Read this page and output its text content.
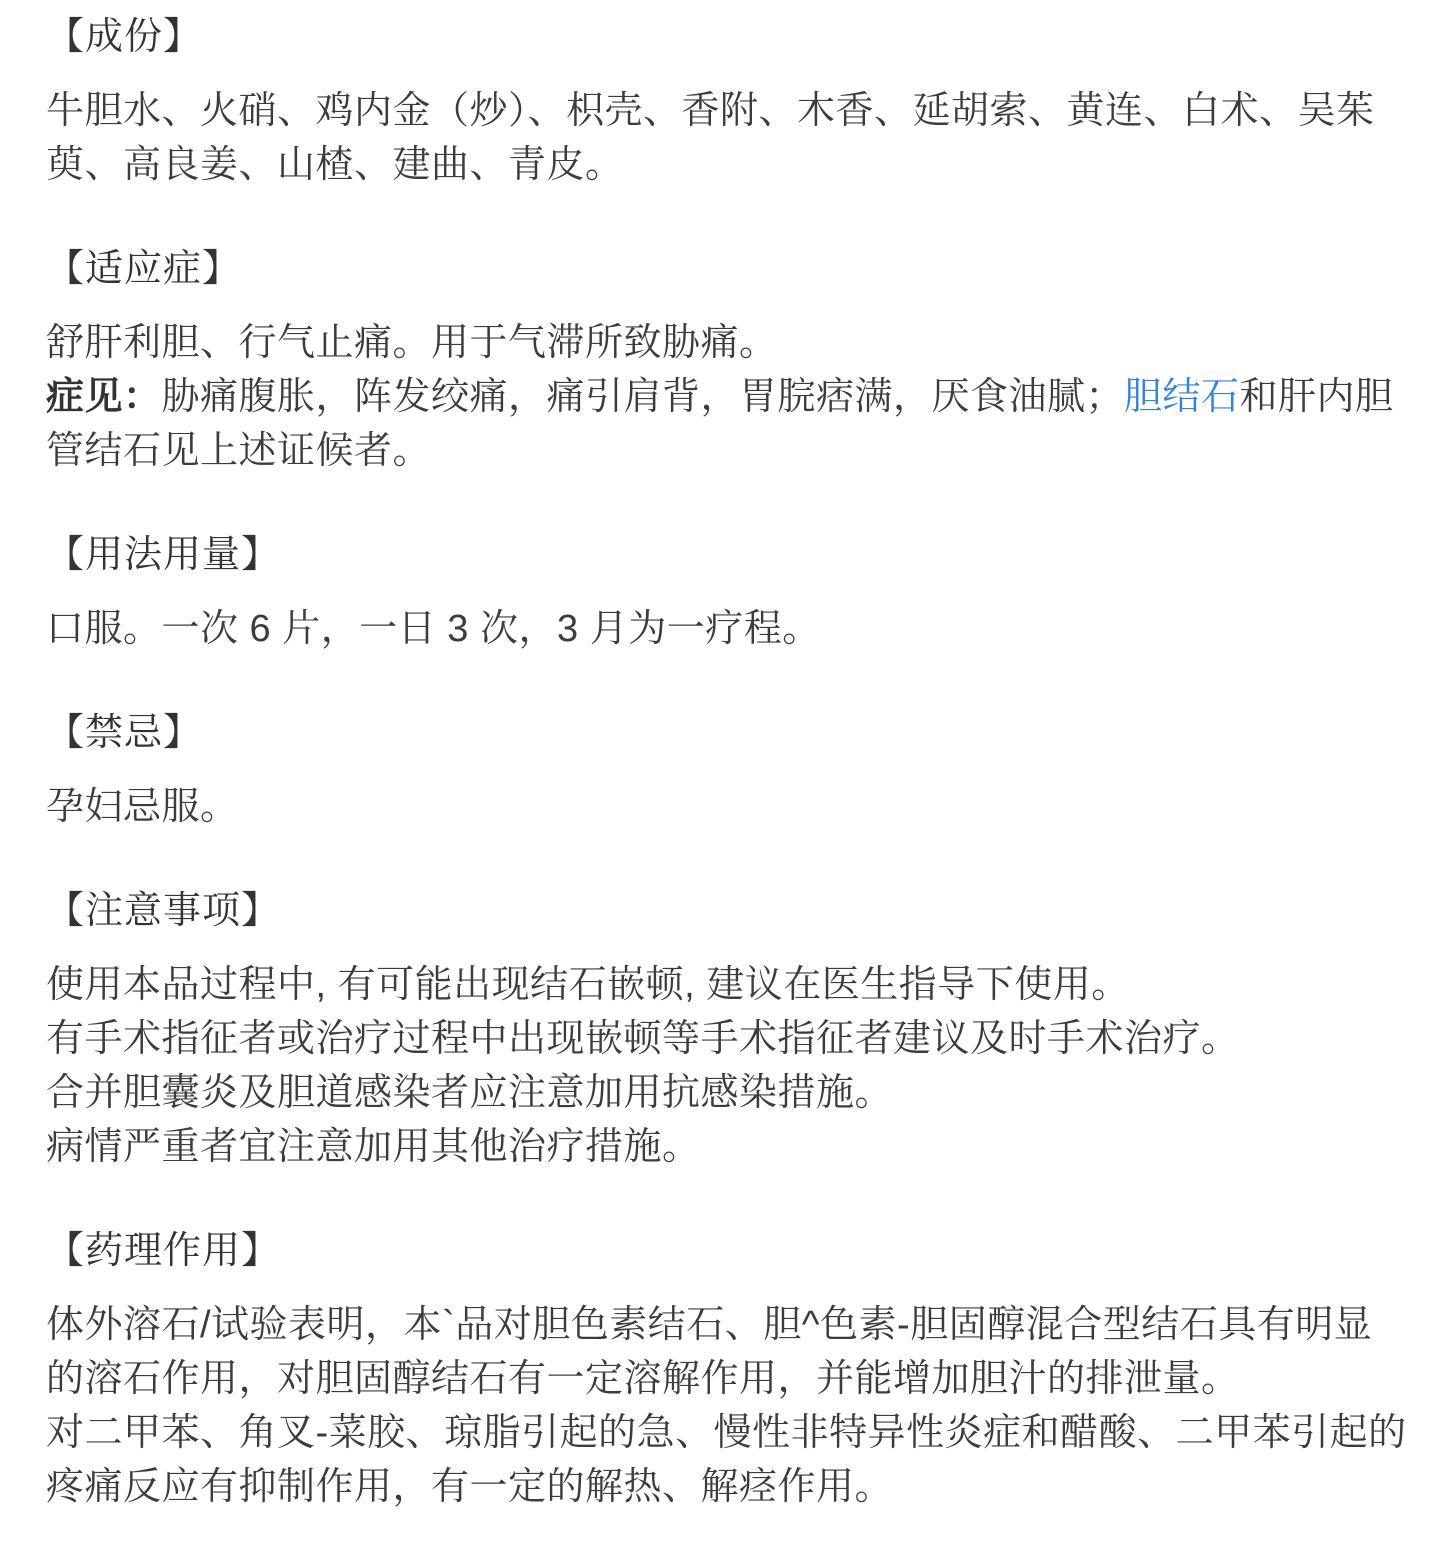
【成份】

牛胆水、火硝、鸡内金（炒）、枳壳、香附、木香、延胡索、黄连、白术、吴茱萸、高良姜、山楂、建曲、青皮。

【适应症】

舒肝利胆、行气止痛。用于气滞所致胁痛。

症见：胁痛腹胀，阵发绞痛，痛引肩背，胃脘痞满，厌食油腻；胆结石和肝内胆管结石见上述证候者。

【用法用量】

口服。一次 6 片，一日 3 次，3 月为一疗程。

【禁忌】

孕妇忌服。

【注意事项】

使用本品过程中, 有可能出现结石嵌顿, 建议在医生指导下使用。

有手术指征者或治疗过程中出现嵌顿等手术指征者建议及时手术治疗。

合并胆囊炎及胆道感染者应注意加用抗感染措施。

病情严重者宜注意加用其他治疗措施。

【药理作用】

体外溶石/试验表明，本`品对胆色素结石、胆^色素-胆固醇混合型结石具有明显的溶石作用，对胆固醇结石有一定溶解作用，并能增加胆汁的排泄量。

对二甲苯、角叉-菜胶、琼脂引起的急、慢性非特异性炎症和醋酸、二甲苯引起的疼痛反应有抑制作用，有一定的解热、解痉作用。
